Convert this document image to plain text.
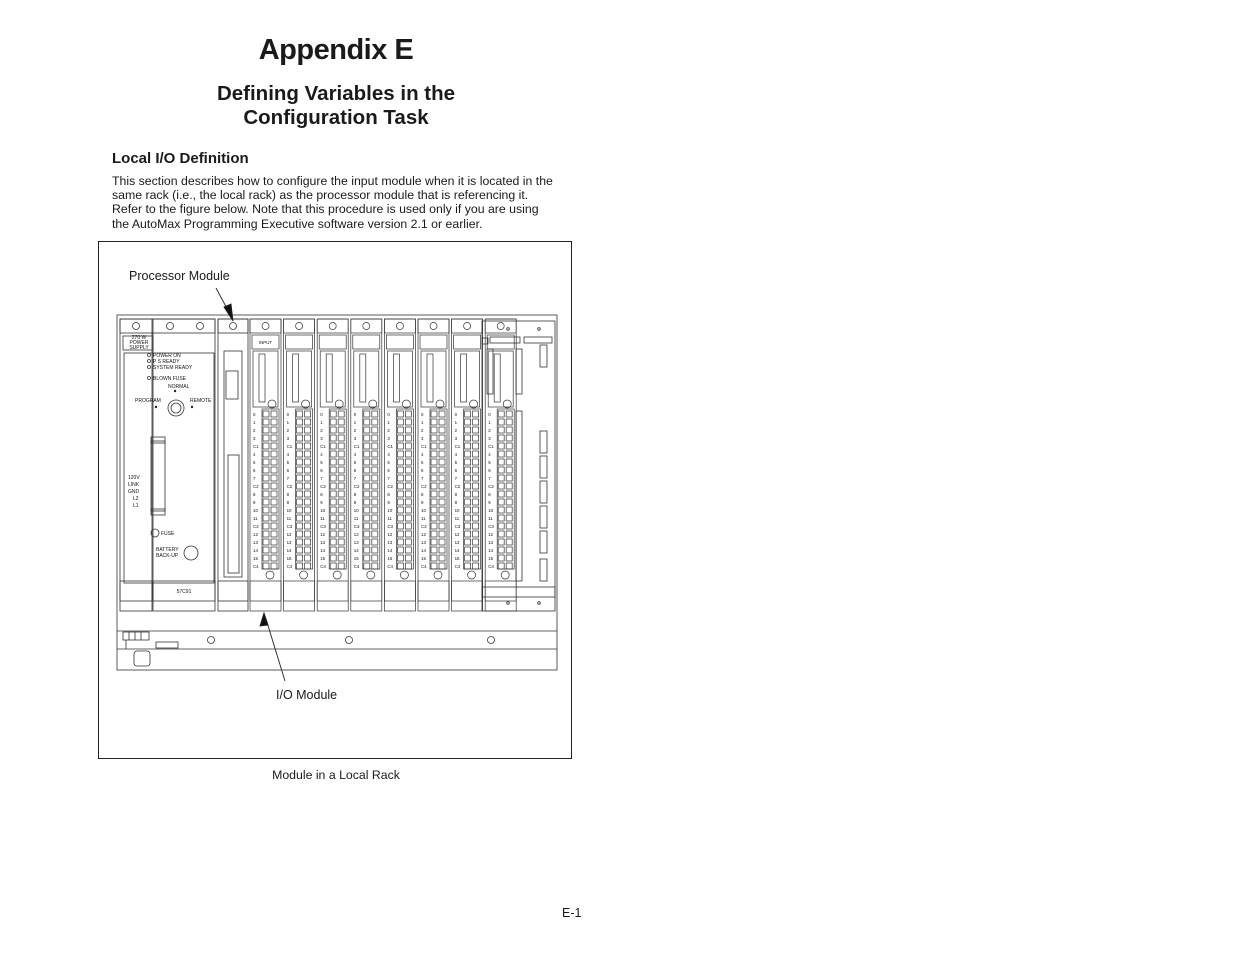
Appendix E
Defining Variables in the
Configuration Task
Local I/O Definition
This section describes how to configure the input module when it is located in the
same rack (i.e., the local rack) as the processor module that is referencing it.
Refer to the figure below. Note that this procedure is used only if you are using
the AutoMax Programming Executive software version 2.1 or earlier.
270 W
POWER
SUPPLY
POWER ON
P S READY
SYSTEM READY
BLOWN FUSE
NORMAL
PROGRAM	REMOTE
120V
LINK
GND
L2
L1
FUSE
BATTERY
BACK-UP
57C91
0
1
2
3
C1
4
5
6
7
C2
8
9
10
11
C3
12
13
14
15
C4
INPUT
0
1
2
3
C1
4
5
6
7
C2
8
9
10
11
C3
12
13
14
15
C4
0
1
2
3
C1
4
5
6
7
C2
8
9
10
11
C3
12
13
14
15
C4
0
1
2
3
C1
4
5
6
7
C2
8
9
10
11
C3
12
13
14
15
C4
0
1
2
3
C1
4
5
6
7
C2
8
9
10
11
C3
12
13
14
15
C4
0
1
2
3
C1
4
5
6
7
C2
8
9
10
11
C3
12
13
14
15
C4
0
1
2
3
C1
4
5
6
7
C2
8
9
10
11
C3
12
13
14
15
C4
0
1
2
3
C1
4
5
6
7
C2
8
9
10
11
C3
12
13
14
15
C4
Processor Module
I/O Module
Module in a Local Rack
E-1
